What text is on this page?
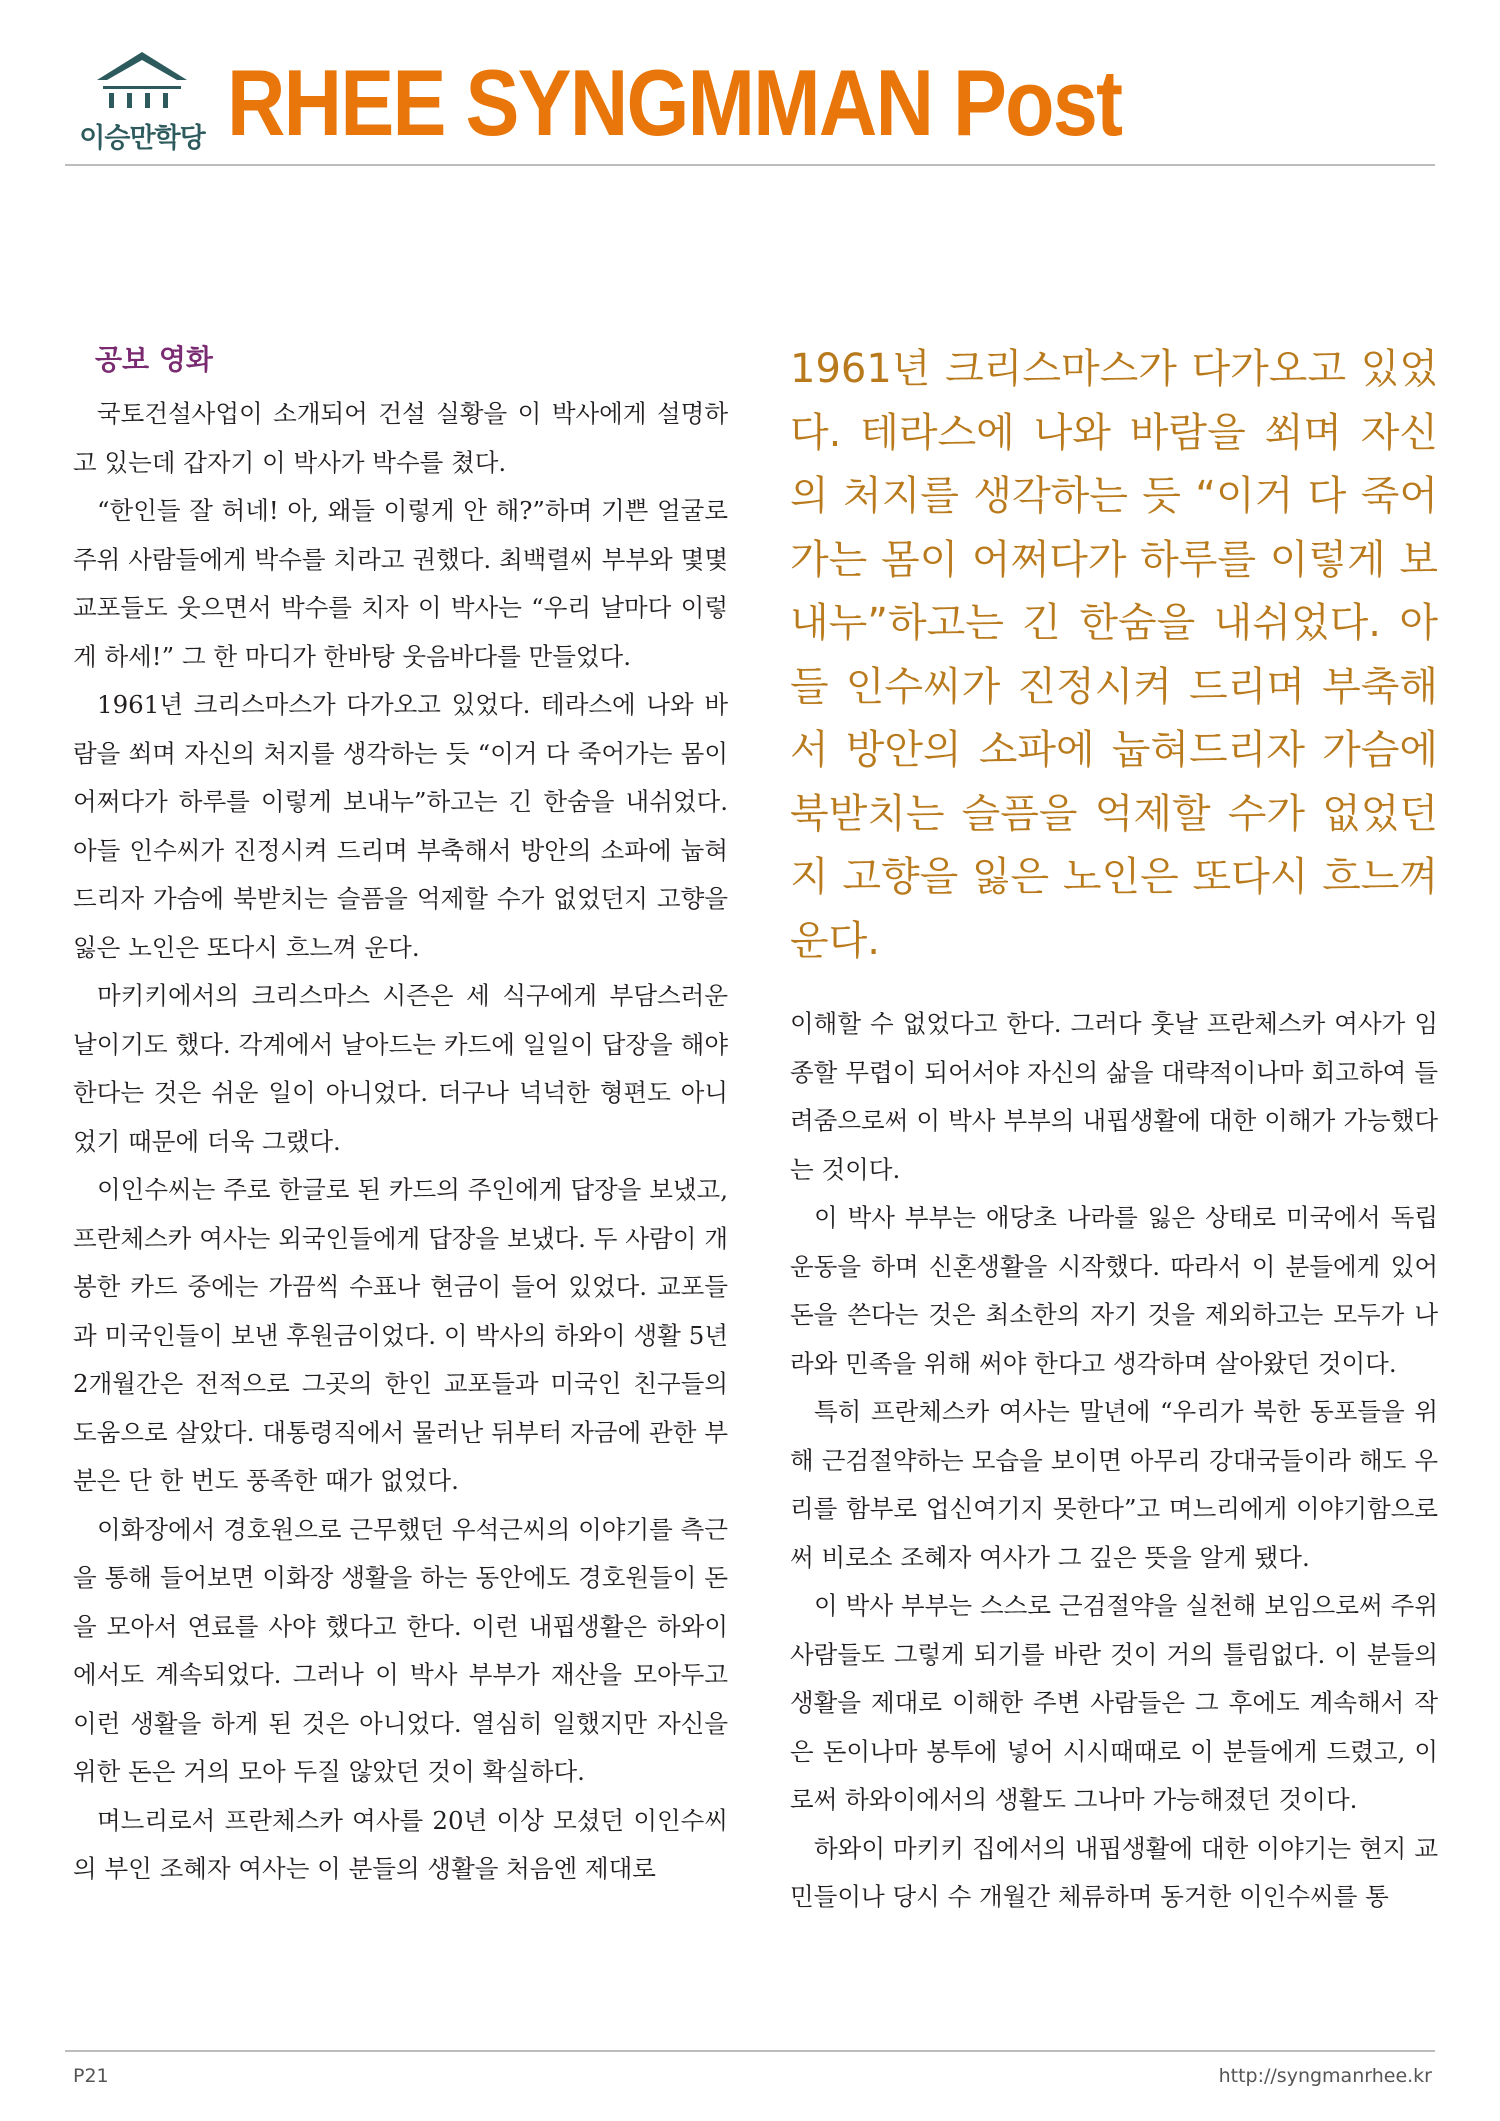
이승만학당 RHEE SYNGMMAN Post
공보 영화

국토건설사업이 소개되어 건설 실황을 이 박사에게 설명하고 있는데 갑자기 이 박사가 박수를 쳤다.

“한인들 잘 허네! 아, 왜들 이렇게 안 해?”하며 기쁜 얼굴로 주위 사람들에게 박수를 치라고 권했다. 최백렬씨 부부와 몇몇 교포들도 웃으면서 박수를 치자 이 박사는 “우리 날마다 이렇게 하세!” 그 한 마디가 한바탕 웃음바다를 만들었다.

1961년 크리스마스가 다가오고 있었다. 테라스에 나와 바람을 쐬며 자신의 처지를 생각하는 듯 “이거 다 죽어가는 몸이 어쩌다가 하루를 이렇게 보내누”하고는 긴 한숨을 내쉬었다. 아들 인수씨가 진정시켜 드리며 부축해서 방안의 소파에 눕혀드리자 가슴에 북받치는 슬픔을 억제할 수가 없었던지 고향을 잃은 노인은 또다시 흐느껴 운다.

마키키에서의 크리스마스 시즌은 세 식구에게 부담스러운 날이기도 했다. 각계에서 날아드는 카드에 일일이 답장을 해야 한다는 것은 쉬운 일이 아니었다. 더구나 넉넉한 형편도 아니었기 때문에 더욱 그랬다.

이인수씨는 주로 한글로 된 카드의 주인에게 답장을 보냈고, 프란체스카 여사는 외국인들에게 답장을 보냈다. 두 사람이 개봉한 카드 중에는 가끔씩 수표나 현금이 들어 있었다. 교포들과 미국인들이 보낸 후원금이었다. 이 박사의 하와이 생활 5년 2개월간은 전적으로 그곳의 한인 교포들과 미국인 친구들의 도움으로 살았다. 대통령직에서 물러난 뒤부터 자금에 관한 부분은 단 한 번도 풍족한 때가 없었다.

이화장에서 경호원으로 근무했던 우석근씨의 이야기를 측근을 통해 들어보면 이화장 생활을 하는 동안에도 경호원들이 돈을 모아서 연료를 사야 했다고 한다. 이런 내핍생활은 하와이에서도 계속되었다. 그러나 이 박사 부부가 재산을 모아두고 이런 생활을 하게 된 것은 아니었다. 열심히 일했지만 자신을 위한 돈은 거의 모아 두질 않았던 것이 확실하다.

며느리로서 프란체스카 여사를 20년 이상 모셨던 이인수씨의 부인 조혜자 여사는 이 분들의 생활을 처음엔 제대로

1961년 크리스마스가 다가오고 있었다. 테라스에 나와 바람을 쐬며 자신의 처지를 생각하는 듯 “이거 다 죽어가는 몸이 어쩌다가 하루를 이렇게 보내누”하고는 긴 한숨을 내쉬었다. 아들 인수씨가 진정시켜 드리며 부축해서 방안의 소파에 눕혀드리자 가슴에 북받치는 슬픔을 억제할 수가 없었던지 고향을 잃은 노인은 또다시 흐느껴 운다.

이해할 수 없었다고 한다. 그러다 훗날 프란체스카 여사가 임종할 무렵이 되어서야 자신의 삶을 대략적이나마 회고하여 들려줌으로써 이 박사 부부의 내핍생활에 대한 이해가 가능했다는 것이다.

이 박사 부부는 애당초 나라를 잃은 상태로 미국에서 독립운동을 하며 신혼생활을 시작했다. 따라서 이 분들에게 있어 돈을 쓴다는 것은 최소한의 자기 것을 제외하고는 모두가 나라와 민족을 위해 써야 한다고 생각하며 살아왔던 것이다.

특히 프란체스카 여사는 말년에 “우리가 북한 동포들을 위해 근검절약하는 모습을 보이면 아무리 강대국들이라 해도 우리를 함부로 업신여기지 못한다”고 며느리에게 이야기함으로써 비로소 조혜자 여사가 그 깊은 뜻을 알게 됐다.

이 박사 부부는 스스로 근검절약을 실천해 보임으로써 주위 사람들도 그렇게 되기를 바란 것이 거의 틀림없다. 이 분들의 생활을 제대로 이해한 주변 사람들은 그 후에도 계속해서 작은 돈이나마 봉투에 넣어 시시때때로 이 분들에게 드렸고, 이로써 하와이에서의 생활도 그나마 가능해졌던 것이다.

하와이 마키키 집에서의 내핍생활에 대한 이야기는 현지 교민들이나 당시 수 개월간 체류하며 동거한 이인수씨를 통

P21	http://syngmanrhee.kr
